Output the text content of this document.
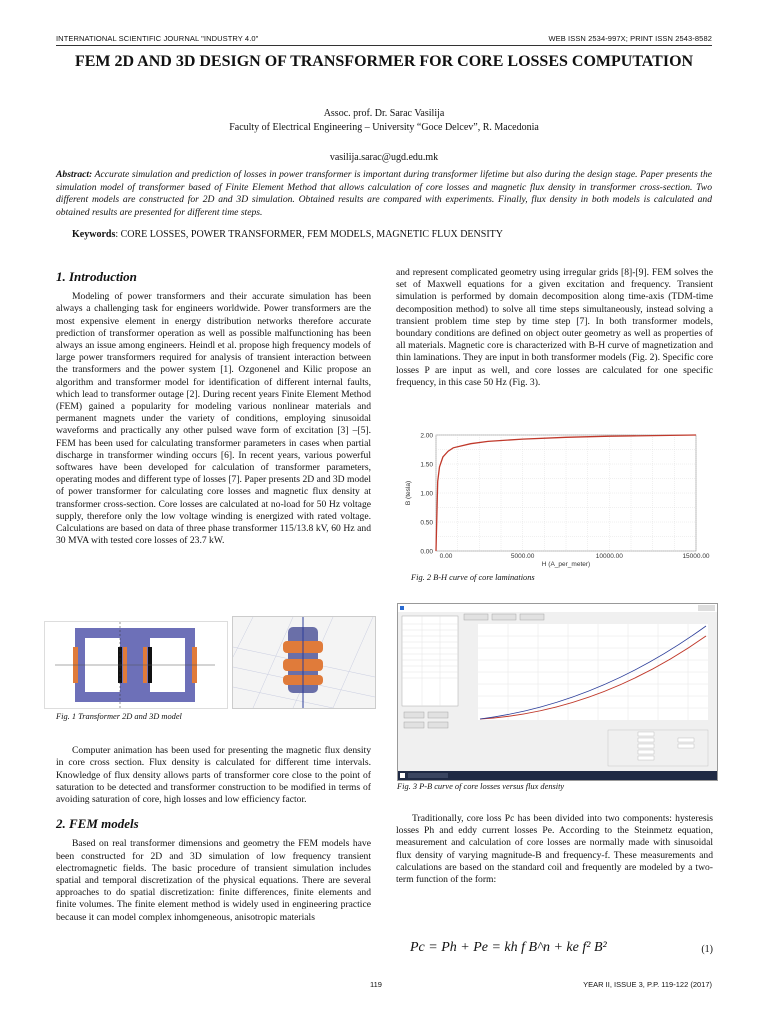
INTERNATIONAL SCIENTIFIC JOURNAL "INDUSTRY 4.0"	WEB ISSN 2534-997X; PRINT ISSN 2543-8582
FEM 2D AND 3D DESIGN OF TRANSFORMER FOR CORE LOSSES COMPUTATION
Assoc. prof. Dr. Sarac Vasilija
Faculty of Electrical Engineering – University “Goce Delcev”, R. Macedonia
vasilija.sarac@ugd.edu.mk
Abstract: Accurate simulation and prediction of losses in power transformer is important during transformer lifetime but also during the design stage. Paper presents the simulation model of transformer based of Finite Element Method that allows calculation of core losses and magnetic flux density in transformer cross-section. Two different models are constructed for 2D and 3D simulation. Obtained results are compared with experiments. Finally, flux density in both models is calculated and obtained results are presented for different time steps.
Keywords: CORE LOSSES, POWER TRANSFORMER, FEM MODELS, MAGNETIC FLUX DENSITY
1. Introduction

Modeling of power transformers and their accurate simulation has been always a challenging task for engineers worldwide. Power transformers are the most expensive element in energy distribution networks therefore accurate prediction of transformer operation as well as possible malfunctioning has been always an issue among engineers. Heindl et al. propose high frequency models of large power transformers required for analysis of transient interaction between the transformers and the power system [1]. Ozgonenel and Kilic propose an algorithm and transformer model for identification of different internal faults, which lead to transformer outage [2]. During recent years Finite Element Method (FEM) gained a popularity for modeling various nonlinear materials and permanent magnets under the variety of conditions, employing sinusoidal waveforms and practically any other pulsed wave form of excitation [3] –[5]. FEM has been used for calculating transformer parameters in cases when partial discharge in transformer winding occurs [6]. In recent years, various powerful softwares have been developed for calculation of transformer parameters, operating modes and different type of losses [7]. Paper presents 2D and 3D model of power transformer for calculating core losses and magnetic flux density at transformer cross-section. Core losses are calculated at no-load for 50 Hz voltage supply, therefore only the low voltage winding is energized with rated voltage. Calculations are based on data of three phase transformer 115/13.8 kV, 60 Hz and 30 MVA with tested core losses of 23.7 kW.

Fig. 1 Transformer 2D and 3D model

Computer animation has been used for presenting the magnetic flux density in core cross section. Flux density is calculated for different time intervals. Knowledge of flux density allows parts of transformer core close to the point of saturation to be detected and transformer construction to be modified in terms of avoiding saturation of core, high losses and low efficiency factor.

2. FEM models

Based on real transformer dimensions and geometry the FEM models have been constructed for 2D and 3D simulation of low frequency transient electromagnetic fields. The basic procedure of transient simulation includes spatial and temporal discretization of the physical equations. There are several approaches to do spatial discretization: finite differences, finite elements and finite volumes. The finite element method is widely used in engineering practice because it can model complex inhomgeneous, anisotropic materials

and represent complicated geometry using irregular grids [8]-[9]. FEM solves the set of Maxwell equations for a given excitation and frequency. Transient simulation is performed by domain decomposition along time-axis (TDM-time decomposition method) to solve all time steps simultaneously, instead solving a transient problem time step by time step [7]. In both transformer models, boundary conditions are defined on object outer geometry as well as properties of all materials. Magnetic core is characterized with B-H curve of magnetization and thin laminations. They are input in both transformer models (Fig. 2). Specific core losses P are input as well, and core losses are calculated for one specific frequency, in this case 50 Hz (Fig. 3).

0.00
0.50
1.00
1.50
2.00
0.00	5000.00	10000.00	15000.00
H (A_per_meter)
B (tesla)
Fig. 2 B-H curve of core laminations
Fig. 3 P-B curve of core losses versus flux density

Traditionally, core loss Pc has been divided into two components: hysteresis losses Ph and eddy current losses Pe. According to the Steinmetz equation, measurement and calculation of core losses are normally made with sinusoidal flux density of varying magnitude-B and frequency-f. These measurements and calculations are based on the standard coil and frequently are modeled by a two-term function of the form:

Pc = Ph + Pe = kh f B^n + ke f² B²	(1)
119	YEAR II, ISSUE 3, P.P. 119-122 (2017)
